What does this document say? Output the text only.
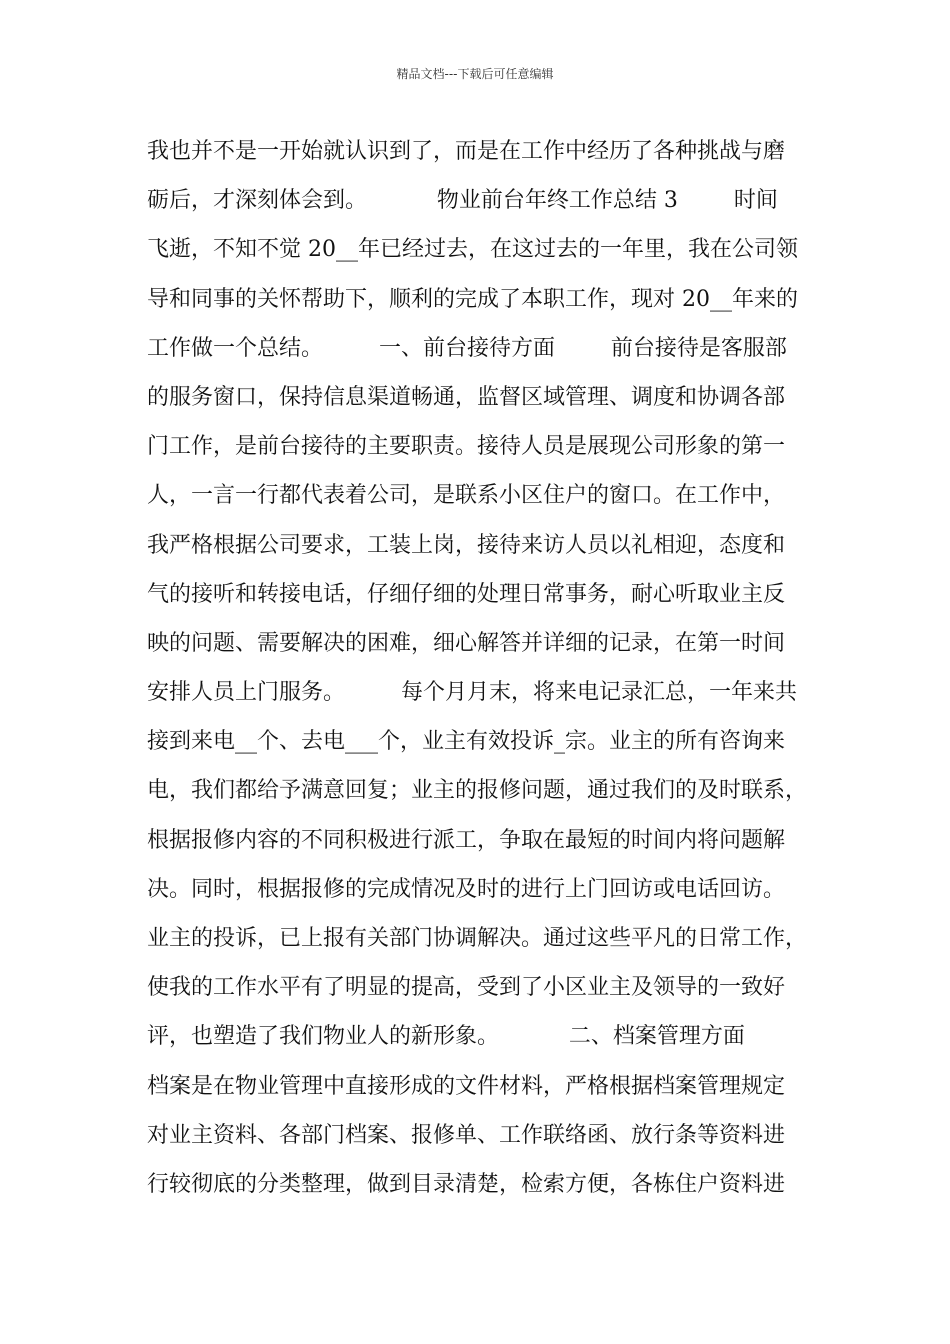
精品文档---下载后可任意编辑
我也并不是一开始就认识到了，而是在工作中经历了各种挑战与磨
砺后，才深刻体会到。          物业前台年终工作总结 3        时间
飞逝，不知不觉 20__年已经过去，在这过去的一年里，我在公司领
导和同事的关怀帮助下，顺利的完成了本职工作，现对 20__年来的
工作做一个总结。        一、前台接待方面        前台接待是客服部
的服务窗口，保持信息渠道畅通，监督区域管理、调度和协调各部
门工作，是前台接待的主要职责。接待人员是展现公司形象的第一
人，一言一行都代表着公司，是联系小区住户的窗口。在工作中，
我严格根据公司要求，工装上岗，接待来访人员以礼相迎，态度和
气的接听和转接电话，仔细仔细的处理日常事务，耐心听取业主反
映的问题、需要解决的困难，细心解答并详细的记录，在第一时间
安排人员上门服务。        每个月月末，将来电记录汇总，一年来共
接到来电__个、去电___个，业主有效投诉_宗。业主的所有咨询来
电，我们都给予满意回复；业主的报修问题，通过我们的及时联系，
根据报修内容的不同积极进行派工，争取在最短的时间内将问题解
决。同时，根据报修的完成情况及时的进行上门回访或电话回访。
业主的投诉，已上报有关部门协调解决。通过这些平凡的日常工作，
使我的工作水平有了明显的提高，受到了小区业主及领导的一致好
评，也塑造了我们物业人的新形象。          二、档案管理方面
档案是在物业管理中直接形成的文件材料，严格根据档案管理规定
对业主资料、各部门档案、报修单、工作联络函、放行条等资料进
行较彻底的分类整理，做到目录清楚，检索方便，各栋住户资料进
